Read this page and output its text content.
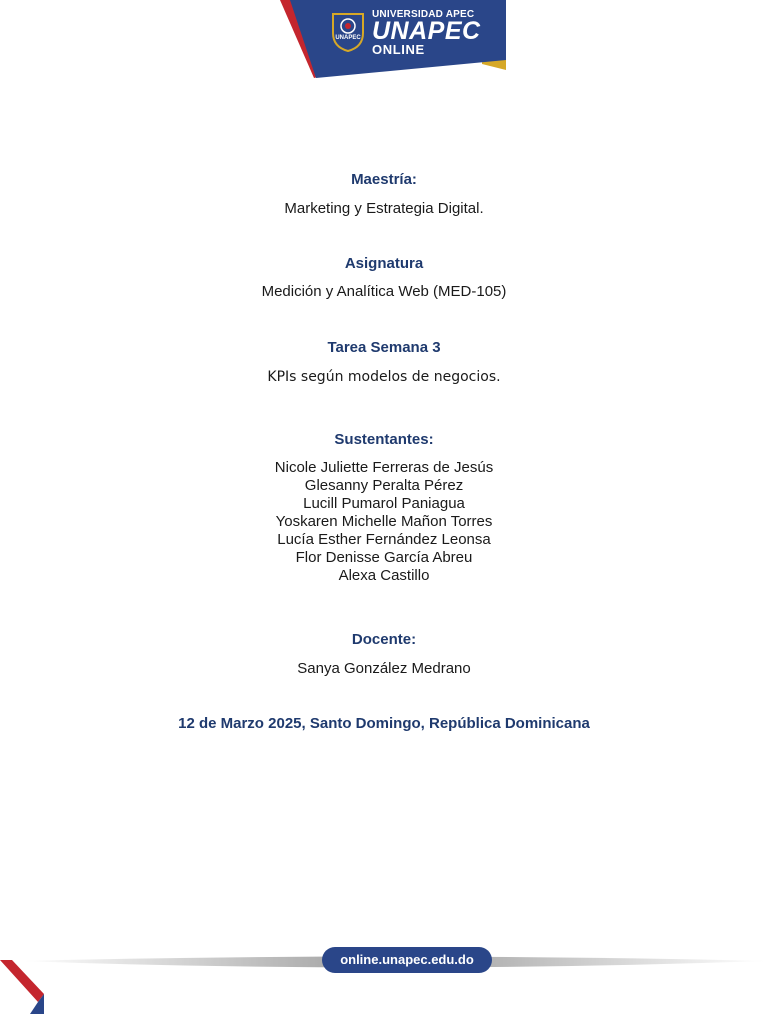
UNAPEC
UNIVERSIDAD APEC
UNAPEC
ONLINE
Maestría:
Marketing y Estrategia Digital.
Asignatura
Medición y Analítica Web (MED-105)
Tarea Semana 3
KPIs según modelos de negocios.
Sustentantes:
Nicole Juliette Ferreras de Jesús
Glesanny Peralta Pérez
Lucill Pumarol Paniagua
Yoskaren Michelle Mañon Torres
Lucía Esther Fernández Leonsa
Flor Denisse García Abreu
Alexa Castillo
Docente:
Sanya González Medrano
12 de Marzo 2025, Santo Domingo, República Dominicana
online.unapec.edu.do
